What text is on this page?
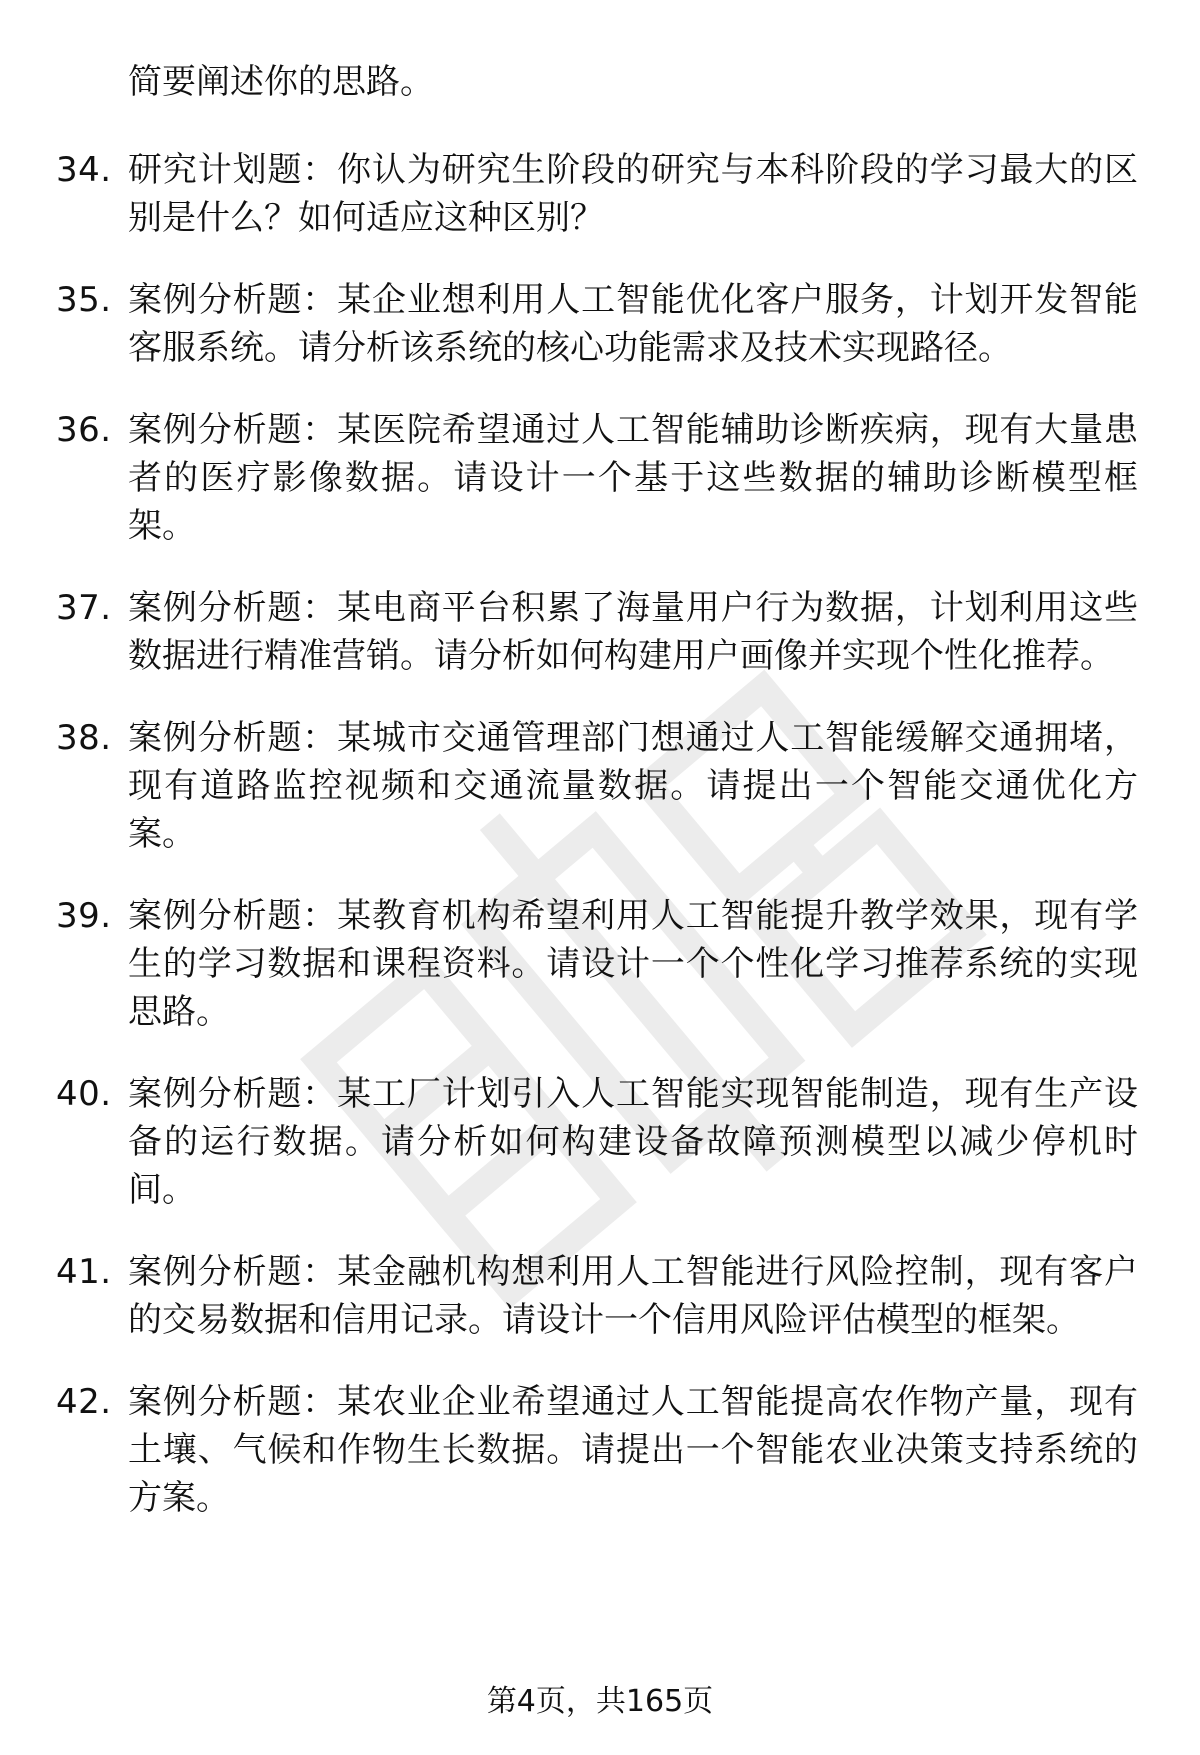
简要阐述你的思路。
34. 研究计划题：你认为研究生阶段的研究与本科阶段的学习最大的区别是什么？如何适应这种区别？
35. 案例分析题：某企业想利用人工智能优化客户服务，计划开发智能客服系统。请分析该系统的核心功能需求及技术实现路径。
36. 案例分析题：某医院希望通过人工智能辅助诊断疾病，现有大量患者的医疗影像数据。请设计一个基于这些数据的辅助诊断模型框架。
37. 案例分析题：某电商平台积累了海量用户行为数据，计划利用这些数据进行精准营销。请分析如何构建用户画像并实现个性化推荐。
38. 案例分析题：某城市交通管理部门想通过人工智能缓解交通拥堵，现有道路监控视频和交通流量数据。请提出一个智能交通优化方案。
39. 案例分析题：某教育机构希望利用人工智能提升教学效果，现有学生的学习数据和课程资料。请设计一个个性化学习推荐系统的实现思路。
40. 案例分析题：某工厂计划引入人工智能实现智能制造，现有生产设备的运行数据。请分析如何构建设备故障预测模型以减少停机时间。
41. 案例分析题：某金融机构想利用人工智能进行风险控制，现有客户的交易数据和信用记录。请设计一个信用风险评估模型的框架。
42. 案例分析题：某农业企业希望通过人工智能提高农作物产量，现有土壤、气候和作物生长数据。请提出一个智能农业决策支持系统的方案。
第4页，共165页
